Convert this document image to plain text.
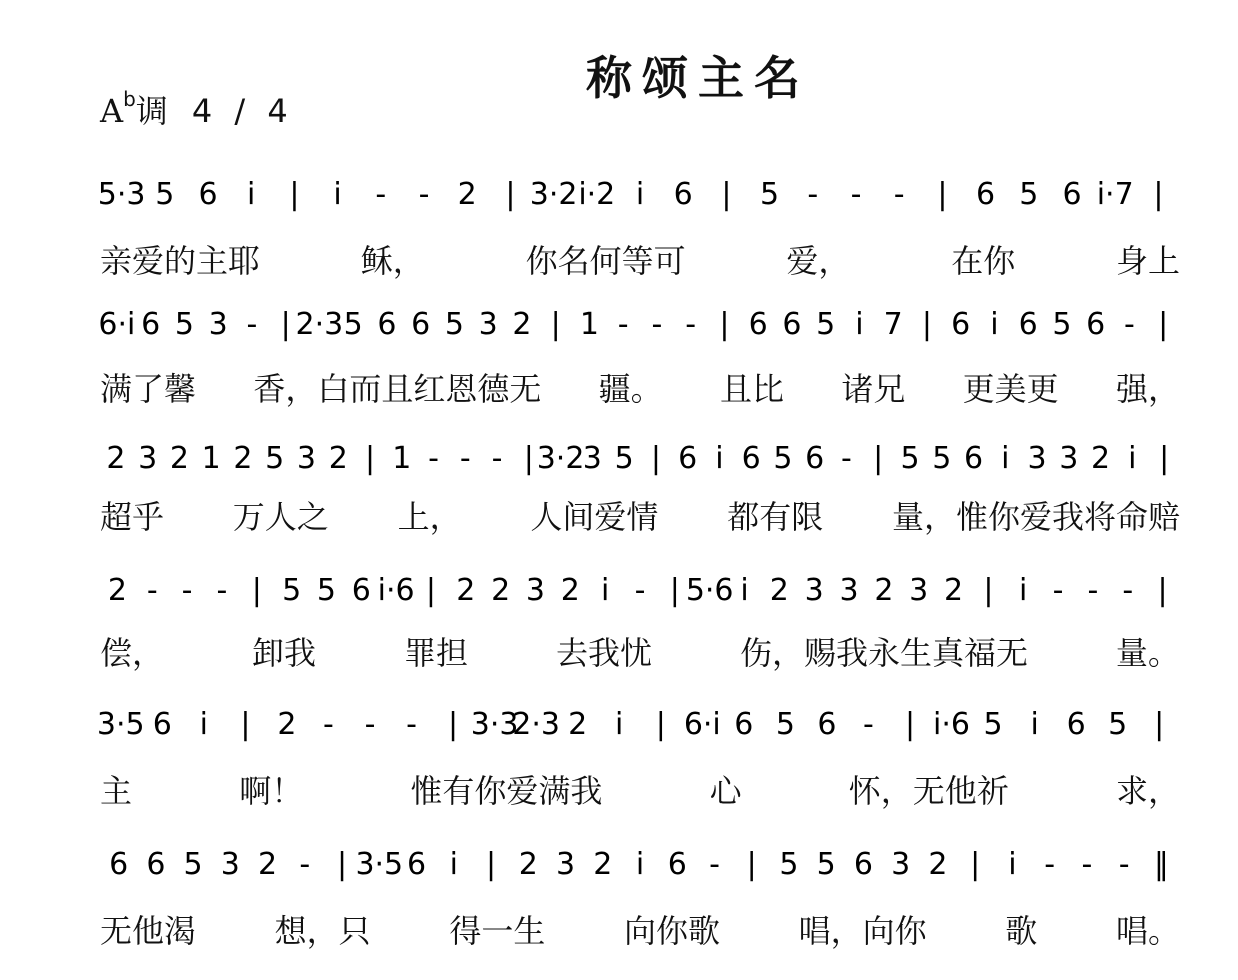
称颂主名
$A^b$调 4 / 4
5·3 5 6 i | i - - 2 | 3·2 i·2 i 6 | 5 - - - | 6 5 6 i·7 |
亲爱的主耶	稣，	你名何等可	爱，	在你	身上
6·i 6 5 3 - | 2·3 5 6 6 5 3 2 | 1 - - - | 6 6 5 i 7 | 6 i 6 5 6 - |
满了馨 香，白而且红恩德无 疆。 且比 诸兄 更美更 强，
2 3 2 1 2 5 3 2 | 1 - - - | 3·2
3 5 | 6 i 6 5 6 - | 5 5 6 i 3 3 2 i |
超乎 万人之 上， 人间爱情 都有限 量，惟你爱我将命赔
2 - - - | 5 5 6 i·6 | 2 2 3 2 i - | 5·6 i 2 3 3 2 3 2 | i - - - |
偿，	卸我	罪担	去我忧	伤，赐我永生真福无	量。
3·5 6 i | 2 - - - | 3·3
2·3 2 i | 6·i 6 5 6 - | i·6 5 i 6 5 |
主	啊！	惟有你爱满我	心	怀，无他祈	求，
6 6 5 3 2 - | 3·5 6 i | 2 3 2 i 6 - | 5 5 6 3 2 | i - - - ‖
无他渴 想，只 得一生 向你歌 唱，向你 歌 唱。
